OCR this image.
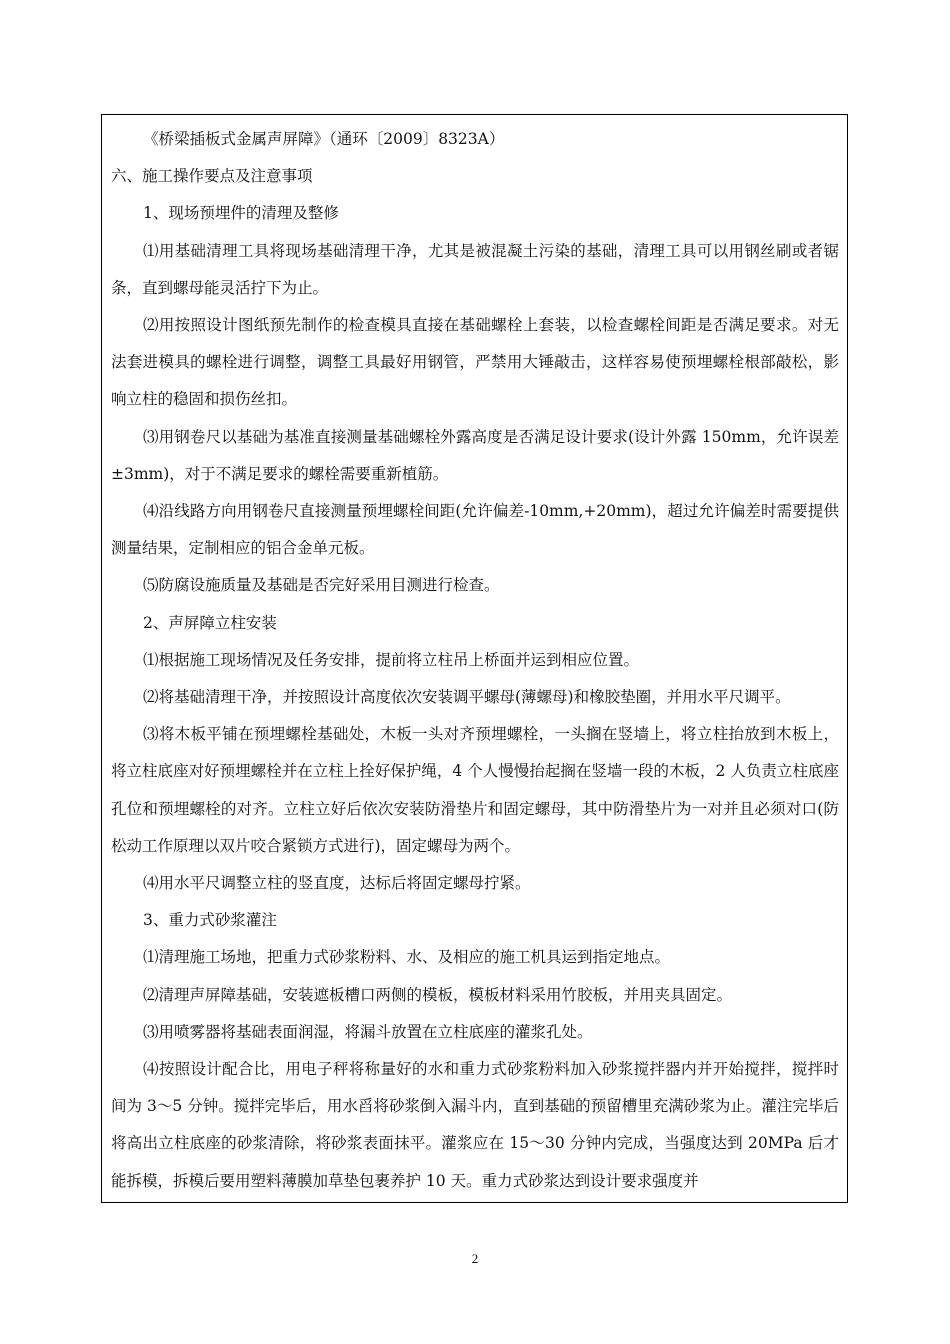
《桥梁插板式金属声屏障》（通环〔2009〕8323A）

六、施工操作要点及注意事项

1、现场预埋件的清理及整修

⑴用基础清理工具将现场基础清理干净，尤其是被混凝土污染的基础，清理工具可以用钢丝刷或者锯条，直到螺母能灵活拧下为止。

⑵用按照设计图纸预先制作的检查模具直接在基础螺栓上套装，以检查螺栓间距是否满足要求。对无法套进模具的螺栓进行调整，调整工具最好用钢管，严禁用大锤敲击，这样容易使预埋螺栓根部敲松，影响立柱的稳固和损伤丝扣。

⑶用钢卷尺以基础为基准直接测量基础螺栓外露高度是否满足设计要求(设计外露 150mm，允许误差±3mm)，对于不满足要求的螺栓需要重新植筋。

⑷沿线路方向用钢卷尺直接测量预埋螺栓间距(允许偏差-10mm,+20mm)，超过允许偏差时需要提供测量结果，定制相应的铝合金单元板。

⑸防腐设施质量及基础是否完好采用目测进行检查。

2、声屏障立柱安装

⑴根据施工现场情况及任务安排，提前将立柱吊上桥面并运到相应位置。

⑵将基础清理干净，并按照设计高度依次安装调平螺母(薄螺母)和橡胶垫圈，并用水平尺调平。

⑶将木板平铺在预埋螺栓基础处，木板一头对齐预埋螺栓，一头搁在竖墙上，将立柱抬放到木板上，将立柱底座对好预埋螺栓并在立柱上拴好保护绳，4 个人慢慢抬起搁在竖墙一段的木板，2 人负责立柱底座孔位和预埋螺栓的对齐。立柱立好后依次安装防滑垫片和固定螺母，其中防滑垫片为一对并且必须对口(防松动工作原理以双片咬合紧锁方式进行)，固定螺母为两个。

⑷用水平尺调整立柱的竖直度，达标后将固定螺母拧紧。

3、重力式砂浆灌注

⑴清理施工场地，把重力式砂浆粉料、水、及相应的施工机具运到指定地点。

⑵清理声屏障基础，安装遮板槽口两侧的模板，模板材料采用竹胶板，并用夹具固定。

⑶用喷雾器将基础表面润湿，将漏斗放置在立柱底座的灌浆孔处。

⑷按照设计配合比，用电子秤将称量好的水和重力式砂浆粉料加入砂浆搅拌器内并开始搅拌，搅拌时间为 3～5 分钟。搅拌完毕后，用水舀将砂浆倒入漏斗内，直到基础的预留槽里充满砂浆为止。灌注完毕后将高出立柱底座的砂浆清除，将砂浆表面抹平。灌浆应在 15～30 分钟内完成，当强度达到 20MPa 后才能拆模，拆模后要用塑料薄膜加草垫包裹养护 10 天。重力式砂浆达到设计要求强度并

2
